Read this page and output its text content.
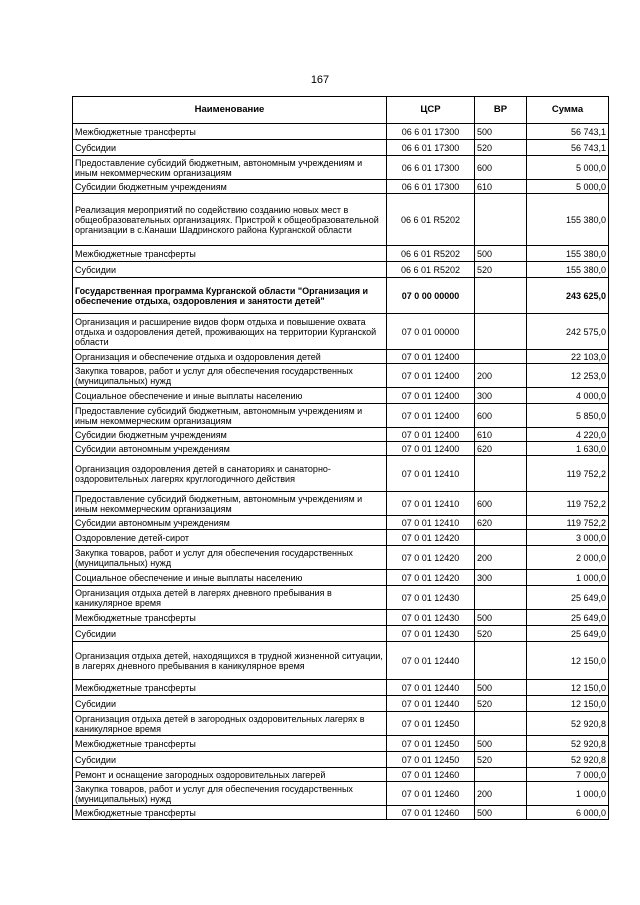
167
Наименование	ЦСР	ВР	Сумма
Межбюджетные трансферты	06 6 01 17300	500	56 743,1
Субсидии	06 6 01 17300	520	56 743,1
Предоставление субсидий бюджетным, автономным учреждениям и иным некоммерческим организациям	06 6 01 17300	600	5 000,0
Субсидии бюджетным учреждениям	06 6 01 17300	610	5 000,0
Реализация мероприятий по содействию созданию новых мест в общеобразовательных организациях. Пристрой к общеобразовательной организации в с.Канаши Шадринского района Курганской области	06 6 01 R5202		155 380,0
Межбюджетные трансферты	06 6 01 R5202	500	155 380,0
Субсидии	06 6 01 R5202	520	155 380,0
Государственная программа Курганской области "Организация и обеспечение отдыха, оздоровления и занятости детей"	07 0 00 00000		243 625,0
Организация и расширение видов форм отдыха и повышение охвата отдыха и оздоровления детей, проживающих на территории Курганской области	07 0 01 00000		242 575,0
Организация и обеспечение отдыха и оздоровления детей	07 0 01 12400		22 103,0
Закупка товаров, работ и услуг для обеспечения государственных (муниципальных) нужд	07 0 01 12400	200	12 253,0
Социальное обеспечение и иные выплаты населению	07 0 01 12400	300	4 000,0
Предоставление субсидий бюджетным, автономным учреждениям и иным некоммерческим организациям	07 0 01 12400	600	5 850,0
Субсидии бюджетным учреждениям	07 0 01 12400	610	4 220,0
Субсидии автономным учреждениям	07 0 01 12400	620	1 630,0
Организация оздоровления детей в санаториях и санаторно-оздоровительных лагерях круглогодичного действия	07 0 01 12410		119 752,2
Предоставление субсидий бюджетным, автономным учреждениям и иным некоммерческим организациям	07 0 01 12410	600	119 752,2
Субсидии автономным учреждениям	07 0 01 12410	620	119 752,2
Оздоровление детей-сирот	07 0 01 12420		3 000,0
Закупка товаров, работ и услуг для обеспечения государственных (муниципальных) нужд	07 0 01 12420	200	2 000,0
Социальное обеспечение и иные выплаты населению	07 0 01 12420	300	1 000,0
Организация отдыха детей в лагерях дневного пребывания в каникулярное время	07 0 01 12430		25 649,0
Межбюджетные трансферты	07 0 01 12430	500	25 649,0
Субсидии	07 0 01 12430	520	25 649,0
Организация отдыха детей, находящихся в трудной жизненной ситуации, в лагерях дневного пребывания в каникулярное время	07 0 01 12440		12 150,0
Межбюджетные трансферты	07 0 01 12440	500	12 150,0
Субсидии	07 0 01 12440	520	12 150,0
Организация отдыха детей в загородных оздоровительных лагерях в каникулярное время	07 0 01 12450		52 920,8
Межбюджетные трансферты	07 0 01 12450	500	52 920,8
Субсидии	07 0 01 12450	520	52 920,8
Ремонт и оснащение загородных оздоровительных лагерей	07 0 01 12460		7 000,0
Закупка товаров, работ и услуг для обеспечения государственных (муниципальных) нужд	07 0 01 12460	200	1 000,0
Межбюджетные трансферты	07 0 01 12460	500	6 000,0
